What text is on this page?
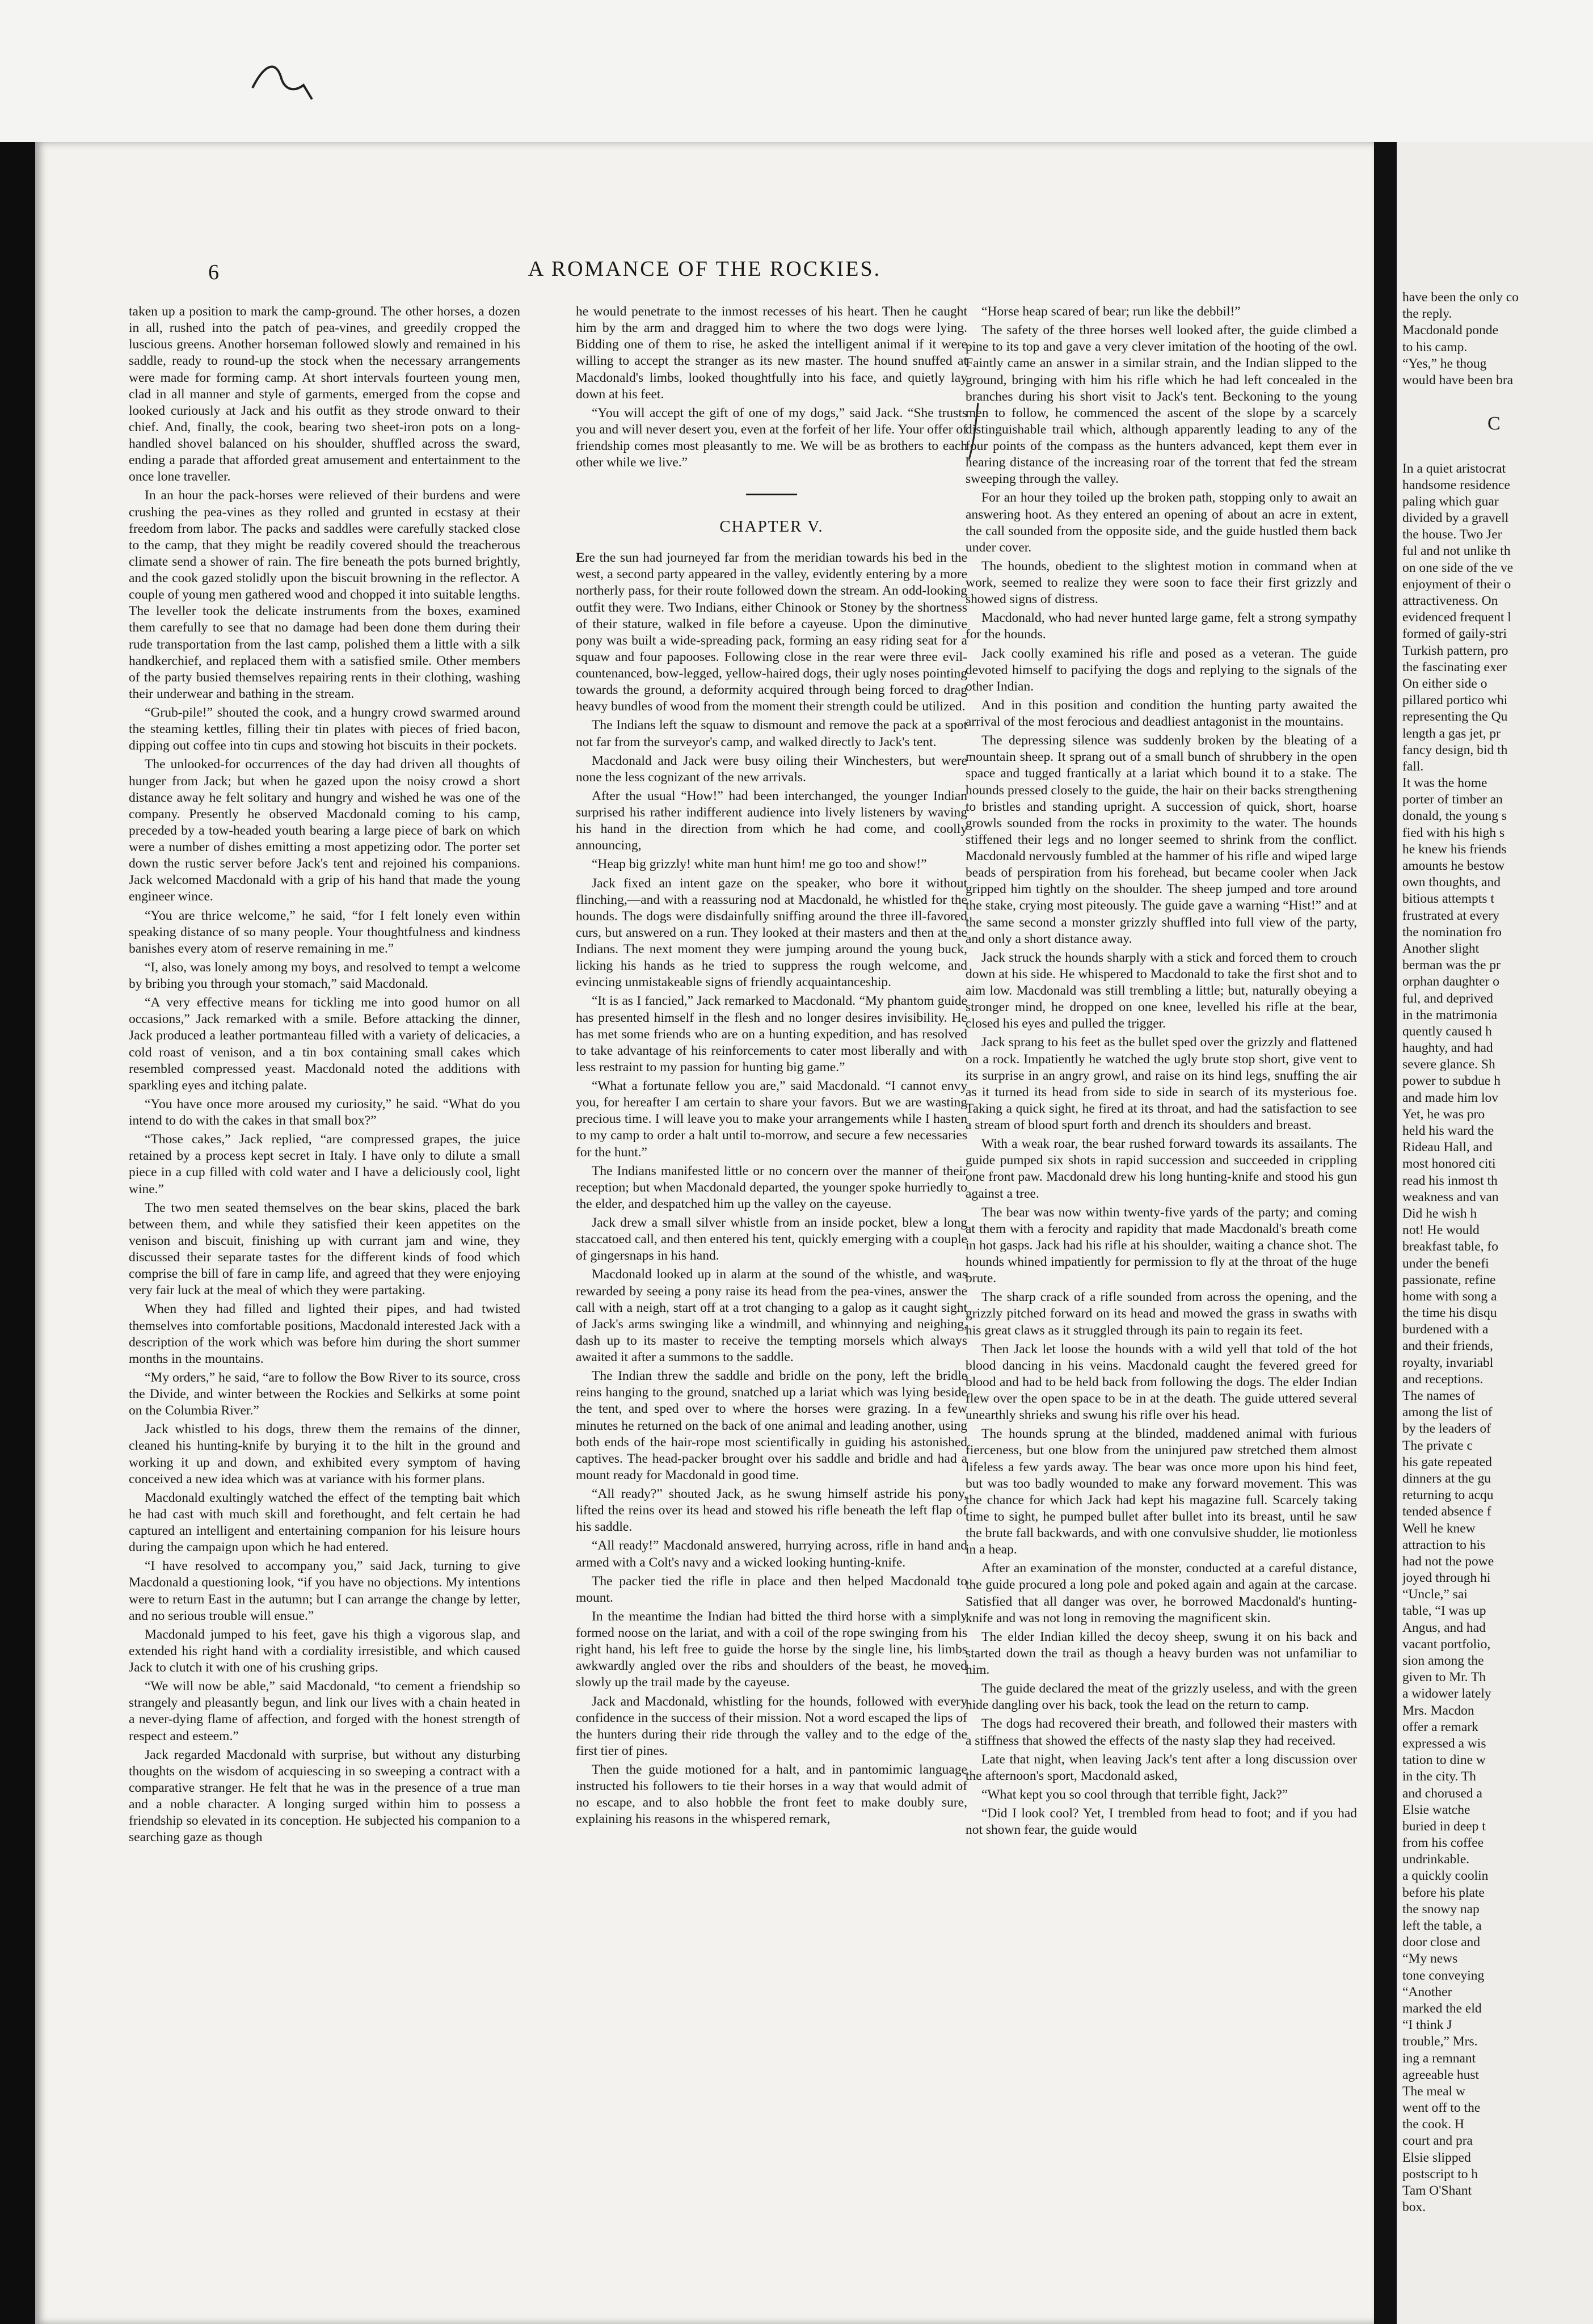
6	A ROMANCE OF THE ROCKIES.

taken up a position to mark the camp-ground. The other horses, a dozen in all, rushed into the patch of pea-vines, and greedily cropped the luscious greens. Another horseman followed slowly and remained in his saddle, ready to round-up the stock when the necessary arrangements were made for forming camp. At short intervals fourteen young men, clad in all manner and style of garments, emerged from the copse and looked curiously at Jack and his outfit as they strode onward to their chief. And, finally, the cook, bearing two sheet-iron pots on a long-handled shovel balanced on his shoulder, shuffled across the sward, ending a parade that afforded great amusement and entertainment to the once lone traveller.

In an hour the pack-horses were relieved of their burdens and were crushing the pea-vines as they rolled and grunted in ecstasy at their freedom from labor. The packs and saddles were carefully stacked close to the camp, that they might be readily covered should the treacherous climate send a shower of rain. The fire beneath the pots burned brightly, and the cook gazed stolidly upon the biscuit browning in the reflector. A couple of young men gathered wood and chopped it into suitable lengths. The leveller took the delicate instruments from the boxes, examined them carefully to see that no damage had been done them during their rude transportation from the last camp, polished them a little with a silk handkerchief, and replaced them with a satisfied smile. Other members of the party busied themselves repairing rents in their clothing, washing their underwear and bathing in the stream.

“Grub-pile!” shouted the cook, and a hungry crowd swarmed around the steaming kettles, filling their tin plates with pieces of fried bacon, dipping out coffee into tin cups and stowing hot biscuits in their pockets.

The unlooked-for occurrences of the day had driven all thoughts of hunger from Jack; but when he gazed upon the noisy crowd a short distance away he felt solitary and hungry and wished he was one of the company. Presently he observed Macdonald coming to his camp, preceded by a tow-headed youth bearing a large piece of bark on which were a number of dishes emitting a most appetizing odor. The porter set down the rustic server before Jack's tent and rejoined his companions. Jack welcomed Macdonald with a grip of his hand that made the young engineer wince.

“You are thrice welcome,” he said, “for I felt lonely even within speaking distance of so many people. Your thoughtfulness and kindness banishes every atom of reserve remaining in me.”

“I, also, was lonely among my boys, and resolved to tempt a welcome by bribing you through your stomach,” said Macdonald.

“A very effective means for tickling me into good humor on all occasions,” Jack remarked with a smile. Before attacking the dinner, Jack produced a leather portmanteau filled with a variety of delicacies, a cold roast of venison, and a tin box containing small cakes which resembled compressed yeast. Macdonald noted the additions with sparkling eyes and itching palate.

“You have once more aroused my curiosity,” he said. “What do you intend to do with the cakes in that small box?”

“Those cakes,” Jack replied, “are compressed grapes, the juice retained by a process kept secret in Italy. I have only to dilute a small piece in a cup filled with cold water and I have a deliciously cool, light wine.”

The two men seated themselves on the bear skins, placed the bark between them, and while they satisfied their keen appetites on the venison and biscuit, finishing up with currant jam and wine, they discussed their separate tastes for the different kinds of food which comprise the bill of fare in camp life, and agreed that they were enjoying very fair luck at the meal of which they were partaking.

When they had filled and lighted their pipes, and had twisted themselves into comfortable positions, Macdonald interested Jack with a description of the work which was before him during the short summer months in the mountains.

“My orders,” he said, “are to follow the Bow River to its source, cross the Divide, and winter between the Rockies and Selkirks at some point on the Columbia River.”

Jack whistled to his dogs, threw them the remains of the dinner, cleaned his hunting-knife by burying it to the hilt in the ground and working it up and down, and exhibited every symptom of having conceived a new idea which was at variance with his former plans.

Macdonald exultingly watched the effect of the tempting bait which he had cast with much skill and forethought, and felt certain he had captured an intelligent and entertaining companion for his leisure hours during the campaign upon which he had entered.

“I have resolved to accompany you,” said Jack, turning to give Macdonald a questioning look, “if you have no objections. My intentions were to return East in the autumn; but I can arrange the change by letter, and no serious trouble will ensue.”

Macdonald jumped to his feet, gave his thigh a vigorous slap, and extended his right hand with a cordiality irresistible, and which caused Jack to clutch it with one of his crushing grips.

“We will now be able,” said Macdonald, “to cement a friendship so strangely and pleasantly begun, and link our lives with a chain heated in a never-dying flame of affection, and forged with the honest strength of respect and esteem.”

Jack regarded Macdonald with surprise, but without any disturbing thoughts on the wisdom of acquiescing in so sweeping a contract with a comparative stranger. He felt that he was in the presence of a true man and a noble character. A longing surged within him to possess a friendship so elevated in its conception. He subjected his companion to a searching gaze as though

he would penetrate to the inmost recesses of his heart. Then he caught him by the arm and dragged him to where the two dogs were lying. Bidding one of them to rise, he asked the intelligent animal if it were willing to accept the stranger as its new master. The hound snuffed at Macdonald's limbs, looked thoughtfully into his face, and quietly lay down at his feet.

“You will accept the gift of one of my dogs,” said Jack. “She trusts you and will never desert you, even at the forfeit of her life. Your offer of friendship comes most pleasantly to me. We will be as brothers to each other while we live.”

CHAPTER V.

Ere the sun had journeyed far from the meridian towards his bed in the west, a second party appeared in the valley, evidently entering by a more northerly pass, for their route followed down the stream. An odd-looking outfit they were. Two Indians, either Chinook or Stoney by the shortness of their stature, walked in file before a cayeuse. Upon the diminutive pony was built a wide-spreading pack, forming an easy riding seat for a squaw and four papooses. Following close in the rear were three evil-countenanced, bow-legged, yellow-haired dogs, their ugly noses pointing towards the ground, a deformity acquired through being forced to drag heavy bundles of wood from the moment their strength could be utilized.

The Indians left the squaw to dismount and remove the pack at a spot not far from the surveyor's camp, and walked directly to Jack's tent.

Macdonald and Jack were busy oiling their Winchesters, but were none the less cognizant of the new arrivals.

After the usual “How!” had been interchanged, the younger Indian surprised his rather indifferent audience into lively listeners by waving his hand in the direction from which he had come, and coolly announcing,

“Heap big grizzly! white man hunt him! me go too and show!”

Jack fixed an intent gaze on the speaker, who bore it without flinching,—and with a reassuring nod at Macdonald, he whistled for the hounds. The dogs were disdainfully sniffing around the three ill-favored curs, but answered on a run. They looked at their masters and then at the Indians. The next moment they were jumping around the young buck, licking his hands as he tried to suppress the rough welcome, and evincing unmistakeable signs of friendly acquaintanceship.

“It is as I fancied,” Jack remarked to Macdonald. “My phantom guide has presented himself in the flesh and no longer desires invisibility. He has met some friends who are on a hunting expedition, and has resolved to take advantage of his reinforcements to cater most liberally and with less restraint to my passion for hunting big game.”

“What a fortunate fellow you are,” said Macdonald. “I cannot envy you, for hereafter I am certain to share your favors. But we are wasting precious time. I will leave you to make your arrangements while I hasten to my camp to order a halt until to-morrow, and secure a few necessaries for the hunt.”

The Indians manifested little or no concern over the manner of their reception; but when Macdonald departed, the younger spoke hurriedly to the elder, and despatched him up the valley on the cayeuse.

Jack drew a small silver whistle from an inside pocket, blew a long staccatoed call, and then entered his tent, quickly emerging with a couple of gingersnaps in his hand.

Macdonald looked up in alarm at the sound of the whistle, and was rewarded by seeing a pony raise its head from the pea-vines, answer the call with a neigh, start off at a trot changing to a galop as it caught sight of Jack's arms swinging like a windmill, and whinnying and neighing, dash up to its master to receive the tempting morsels which always awaited it after a summons to the saddle.

The Indian threw the saddle and bridle on the pony, left the bridle reins hanging to the ground, snatched up a lariat which was lying beside the tent, and sped over to where the horses were grazing. In a few minutes he returned on the back of one animal and leading another, using both ends of the hair-rope most scientifically in guiding his astonished captives. The head-packer brought over his saddle and bridle and had a mount ready for Macdonald in good time.

“All ready?” shouted Jack, as he swung himself astride his pony, lifted the reins over its head and stowed his rifle beneath the left flap of his saddle.

“All ready!” Macdonald answered, hurrying across, rifle in hand and armed with a Colt's navy and a wicked looking hunting-knife.

The packer tied the rifle in place and then helped Macdonald to mount.

In the meantime the Indian had bitted the third horse with a simply formed noose on the lariat, and with a coil of the rope swinging from his right hand, his left free to guide the horse by the single line, his limbs awkwardly angled over the ribs and shoulders of the beast, he moved slowly up the trail made by the cayeuse.

Jack and Macdonald, whistling for the hounds, followed with every confidence in the success of their mission. Not a word escaped the lips of the hunters during their ride through the valley and to the edge of the first tier of pines.

Then the guide motioned for a halt, and in pantomimic language instructed his followers to tie their horses in a way that would admit of no escape, and to also hobble the front feet to make doubly sure, explaining his reasons in the whispered remark,

“Horse heap scared of bear; run like the debbil!”

The safety of the three horses well looked after, the guide climbed a pine to its top and gave a very clever imitation of the hooting of the owl. Faintly came an answer in a similar strain, and the Indian slipped to the ground, bringing with him his rifle which he had left concealed in the branches during his short visit to Jack's tent. Beckoning to the young men to follow, he commenced the ascent of the slope by a scarcely distinguishable trail which, although apparently leading to any of the four points of the compass as the hunters advanced, kept them ever in hearing distance of the increasing roar of the torrent that fed the stream sweeping through the valley.

For an hour they toiled up the broken path, stopping only to await an answering hoot. As they entered an opening of about an acre in extent, the call sounded from the opposite side, and the guide hustled them back under cover.

The hounds, obedient to the slightest motion in command when at work, seemed to realize they were soon to face their first grizzly and showed signs of distress.

Macdonald, who had never hunted large game, felt a strong sympathy for the hounds.

Jack coolly examined his rifle and posed as a veteran. The guide devoted himself to pacifying the dogs and replying to the signals of the other Indian.

And in this position and condition the hunting party awaited the arrival of the most ferocious and deadliest antagonist in the mountains.

The depressing silence was suddenly broken by the bleating of a mountain sheep. It sprang out of a small bunch of shrubbery in the open space and tugged frantically at a lariat which bound it to a stake. The hounds pressed closely to the guide, the hair on their backs strengthening to bristles and standing upright. A succession of quick, short, hoarse growls sounded from the rocks in proximity to the water. The hounds stiffened their legs and no longer seemed to shrink from the conflict. Macdonald nervously fumbled at the hammer of his rifle and wiped large beads of perspiration from his forehead, but became cooler when Jack gripped him tightly on the shoulder. The sheep jumped and tore around the stake, crying most piteously. The guide gave a warning “Hist!” and at the same second a monster grizzly shuffled into full view of the party, and only a short distance away.

Jack struck the hounds sharply with a stick and forced them to crouch down at his side. He whispered to Macdonald to take the first shot and to aim low. Macdonald was still trembling a little; but, naturally obeying a stronger mind, he dropped on one knee, levelled his rifle at the bear, closed his eyes and pulled the trigger.

Jack sprang to his feet as the bullet sped over the grizzly and flattened on a rock. Impatiently he watched the ugly brute stop short, give vent to its surprise in an angry growl, and raise on its hind legs, snuffing the air as it turned its head from side to side in search of its mysterious foe. Taking a quick sight, he fired at its throat, and had the satisfaction to see a stream of blood spurt forth and drench its shoulders and breast.

With a weak roar, the bear rushed forward towards its assailants. The guide pumped six shots in rapid succession and succeeded in crippling one front paw. Macdonald drew his long hunting-knife and stood his gun against a tree.

The bear was now within twenty-five yards of the party; and coming at them with a ferocity and rapidity that made Macdonald's breath come in hot gasps. Jack had his rifle at his shoulder, waiting a chance shot. The hounds whined impatiently for permission to fly at the throat of the huge brute.

The sharp crack of a rifle sounded from across the opening, and the grizzly pitched forward on its head and mowed the grass in swaths with his great claws as it struggled through its pain to regain its feet.

Then Jack let loose the hounds with a wild yell that told of the hot blood dancing in his veins. Macdonald caught the fevered greed for blood and had to be held back from following the dogs. The elder Indian flew over the open space to be in at the death. The guide uttered several unearthly shrieks and swung his rifle over his head.

The hounds sprung at the blinded, maddened animal with furious fierceness, but one blow from the uninjured paw stretched them almost lifeless a few yards away. The bear was once more upon his hind feet, but was too badly wounded to make any forward movement. This was the chance for which Jack had kept his magazine full. Scarcely taking time to sight, he pumped bullet after bullet into its breast, until he saw the brute fall backwards, and with one convulsive shudder, lie motionless in a heap.

After an examination of the monster, conducted at a careful distance, the guide procured a long pole and poked again and again at the carcase. Satisfied that all danger was over, he borrowed Macdonald's hunting-knife and was not long in removing the magnificent skin.

The elder Indian killed the decoy sheep, swung it on his back and started down the trail as though a heavy burden was not unfamiliar to him.

The guide declared the meat of the grizzly useless, and with the green hide dangling over his back, took the lead on the return to camp.

The dogs had recovered their breath, and followed their masters with a stiffness that showed the effects of the nasty slap they had received.

Late that night, when leaving Jack's tent after a long discussion over the afternoon's sport, Macdonald asked,

“What kept you so cool through that terrible fight, Jack?”

“Did I look cool? Yet, I trembled from head to foot; and if you had not shown fear, the guide would

have been the only co
the reply.
Macdonald ponde
to his camp.
“Yes,” he thoug
would have been bra
C
In a quiet aristocrat
handsome residence
paling which guar
divided by a gravell
the house. Two Jer
ful and not unlike th
on one side of the ve
enjoyment of their o
attractiveness. On
evidenced frequent l
formed of gaily-stri
Turkish pattern, pro
the fascinating exer
On either side o
pillared portico whi
representing the Qu
length a gas jet, pr
fancy design, bid th
fall.
It was the home
porter of timber an
donald, the young s
fied with his high s
he knew his friends
amounts he bestow
own thoughts, and
bitious attempts t
frustrated at every
the nomination fro
Another slight
berman was the pr
orphan daughter o
ful, and deprived
in the matrimonia
quently caused h
haughty, and had
severe glance. Sh
power to subdue h
and made him lov
Yet, he was pro
held his ward the
Rideau Hall, and
most honored citi
read his inmost th
weakness and van
Did he wish h
not! He would
breakfast table, fo
under the benefi
passionate, refine
home with song a
the time his disqu
burdened with a
and their friends,
royalty, invariabl
and receptions.
The names of
among the list of
by the leaders of
The private c
his gate repeated
dinners at the gu
returning to acqu
tended absence f
Well he knew
attraction to his
had not the powe
joyed through hi
“Uncle,” sai
table, “I was up
Angus, and had
vacant portfolio,
sion among the
given to Mr. Th
a widower lately
Mrs. Macdon
offer a remark
expressed a wis
tation to dine w
in the city. Th
and chorused a
Elsie watche
buried in deep t
from his coffee
undrinkable.
a quickly coolin
before his plate
the snowy nap
left the table, a
door close and
“My news
tone conveying
“Another
marked the eld
“I think J
trouble,” Mrs.
ing a remnant
agreeable hust
The meal w
went off to the
the cook. H
court and pra
Elsie slipped
postscript to h
Tam O'Shant
box.
